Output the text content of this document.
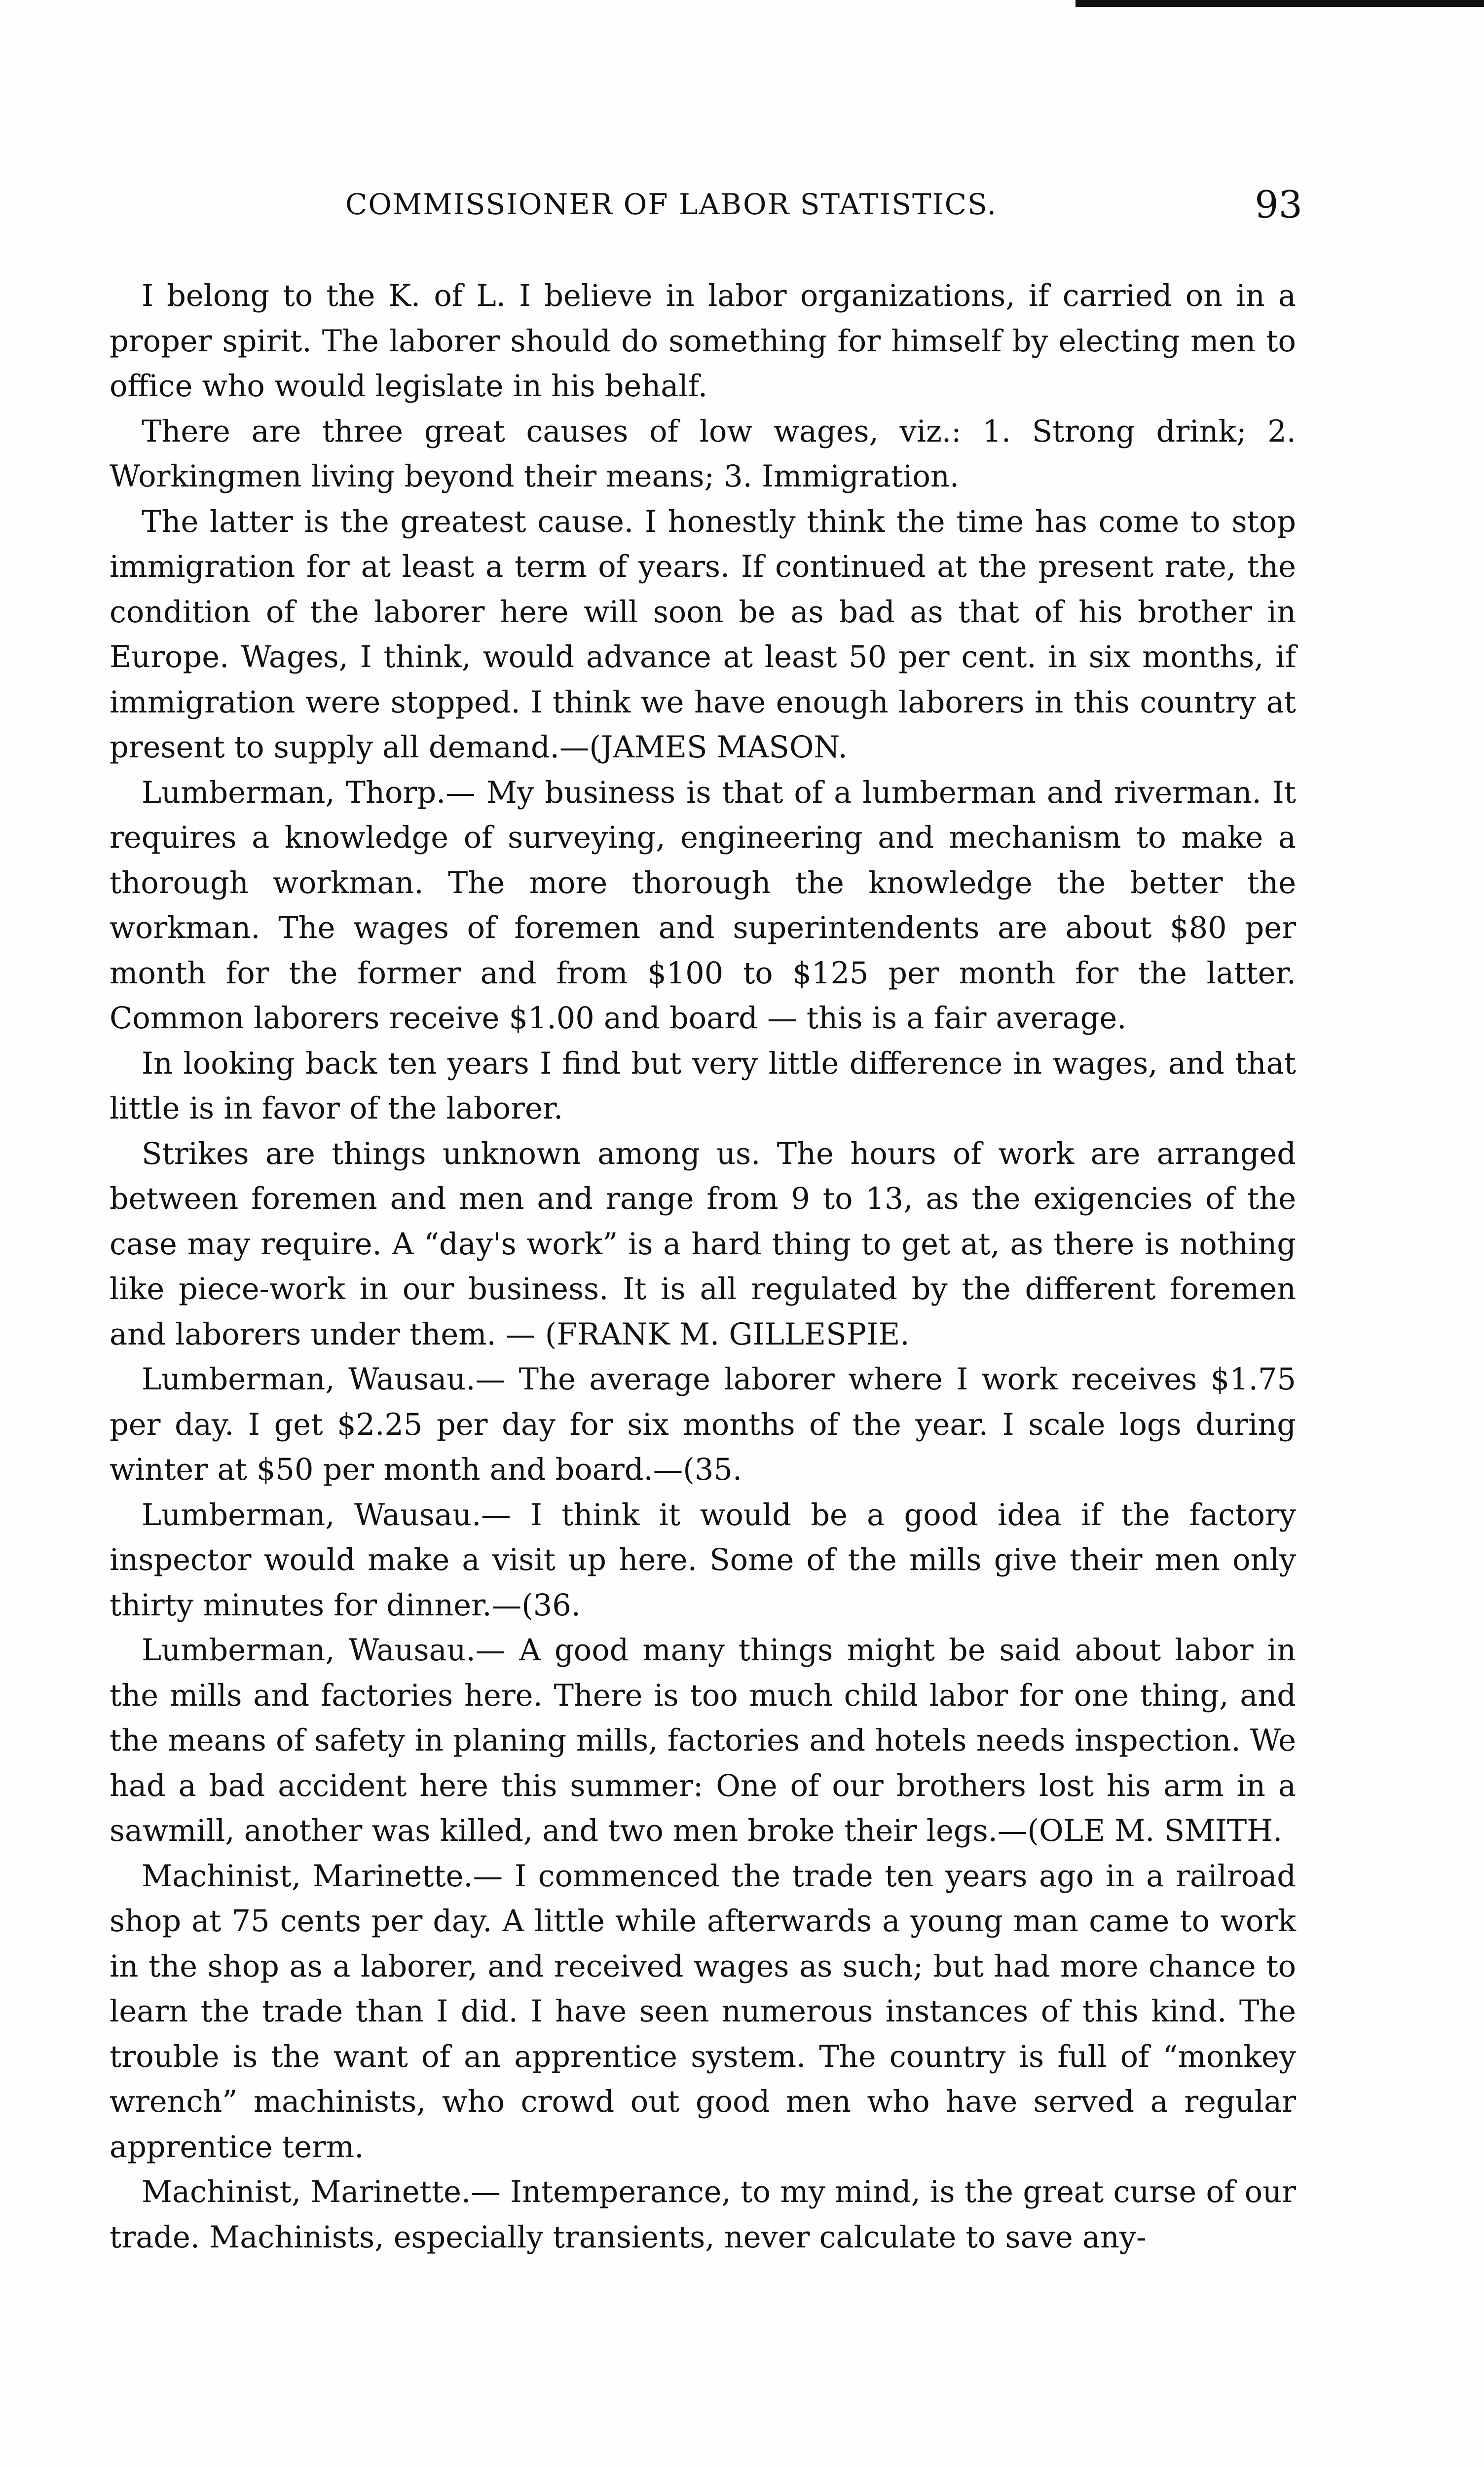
COMMISSIONER OF LABOR STATISTICS.	93

I belong to the K. of L. I believe in labor organizations, if carried on in a proper spirit. The laborer should do something for himself by electing men to office who would legislate in his behalf.

There are three great causes of low wages, viz.: 1. Strong drink; 2. Workingmen living beyond their means; 3. Immigration.

The latter is the greatest cause. I honestly think the time has come to stop immigration for at least a term of years. If continued at the present rate, the condition of the laborer here will soon be as bad as that of his brother in Europe. Wages, I think, would advance at least 50 per cent. in six months, if immigration were stopped. I think we have enough laborers in this country at present to supply all demand.—(JAMES MASON.

Lumberman, Thorp.— My business is that of a lumberman and riverman. It requires a knowledge of surveying, engineering and mechanism to make a thorough workman. The more thorough the knowledge the better the workman. The wages of foremen and superintendents are about $80 per month for the former and from $100 to $125 per month for the latter. Common laborers receive $1.00 and board — this is a fair average.

In looking back ten years I find but very little difference in wages, and that little is in favor of the laborer.

Strikes are things unknown among us. The hours of work are arranged between foremen and men and range from 9 to 13, as the exigencies of the case may require. A “day's work” is a hard thing to get at, as there is nothing like piece-work in our business. It is all regulated by the different foremen and laborers under them. — (FRANK M. GILLESPIE.

Lumberman, Wausau.— The average laborer where I work receives $1.75 per day. I get $2.25 per day for six months of the year. I scale logs during winter at $50 per month and board.—(35.

Lumberman, Wausau.— I think it would be a good idea if the factory inspector would make a visit up here. Some of the mills give their men only thirty minutes for dinner.—(36.

Lumberman, Wausau.— A good many things might be said about labor in the mills and factories here. There is too much child labor for one thing, and the means of safety in planing mills, factories and hotels needs inspection. We had a bad accident here this summer: One of our brothers lost his arm in a sawmill, another was killed, and two men broke their legs.—(OLE M. SMITH.

Machinist, Marinette.— I commenced the trade ten years ago in a railroad shop at 75 cents per day. A little while afterwards a young man came to work in the shop as a laborer, and received wages as such; but had more chance to learn the trade than I did. I have seen numerous instances of this kind. The trouble is the want of an apprentice system. The country is full of “monkey wrench” machinists, who crowd out good men who have served a regular apprentice term.

Machinist, Marinette.— Intemperance, to my mind, is the great curse of our trade. Machinists, especially transients, never calculate to save any-
